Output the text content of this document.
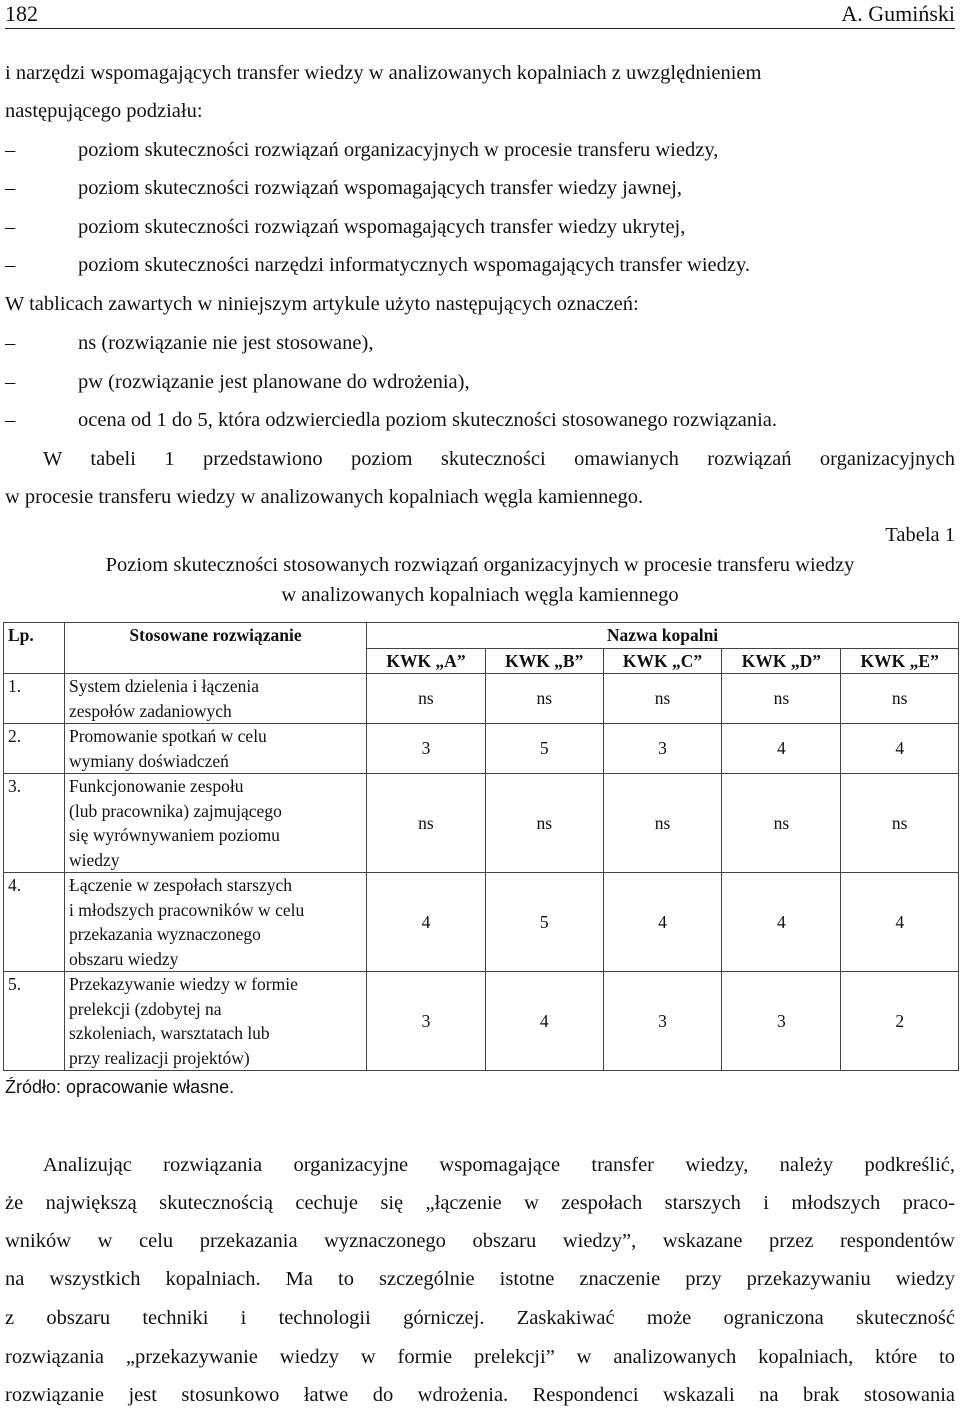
182	A. Gumiński
i narzędzi wspomagających transfer wiedzy w analizowanych kopalniach z uwzględnieniem
następującego podziału:
–	poziom skuteczności rozwiązań organizacyjnych w procesie transferu wiedzy,
–	poziom skuteczności rozwiązań wspomagających transfer wiedzy jawnej,
–	poziom skuteczności rozwiązań wspomagających transfer wiedzy ukrytej,
–	poziom skuteczności narzędzi informatycznych wspomagających transfer wiedzy.
W tablicach zawartych w niniejszym artykule użyto następujących oznaczeń:
–	ns (rozwiązanie nie jest stosowane),
–	pw (rozwiązanie jest planowane do wdrożenia),
–	ocena od 1 do 5, która odzwierciedla poziom skuteczności stosowanego rozwiązania.
W tabeli 1 przedstawiono poziom skuteczności omawianych rozwiązań organizacyjnych
w procesie transferu wiedzy w analizowanych kopalniach węgla kamiennego.
Tabela 1
Poziom skuteczności stosowanych rozwiązań organizacyjnych w procesie transferu wiedzy
w analizowanych kopalniach węgla kamiennego
Lp.	Stosowane rozwiązanie	Nazwa kopalni				
		KWK „A”	KWK „B”	KWK „C”	KWK „D”	KWK „E”
1.	System dzielenia i łączenia
zespołów zadaniowych	ns	ns	ns	ns	ns
2.	Promowanie spotkań w celu
wymiany doświadczeń	3	5	3	4	4
3.	Funkcjonowanie zespołu
(lub pracownika) zajmującego
się wyrównywaniem poziomu
wiedzy	ns	ns	ns	ns	ns
4.	Łączenie w zespołach starszych
i młodszych pracowników w celu
przekazania wyznaczonego
obszaru wiedzy	4	5	4	4	4
5.	Przekazywanie wiedzy w formie
prelekcji (zdobytej na
szkoleniach, warsztatach lub
przy realizacji projektów)	3	4	3	3	2
Źródło: opracowanie własne.
Analizując rozwiązania organizacyjne wspomagające transfer wiedzy, należy podkreślić,
że największą skutecznością cechuje się „łączenie w zespołach starszych i młodszych praco-
wników w celu przekazania wyznaczonego obszaru wiedzy”, wskazane przez respondentów
na wszystkich kopalniach. Ma to szczególnie istotne znaczenie przy przekazywaniu wiedzy
z obszaru techniki i technologii górniczej. Zaskakiwać może ograniczona skuteczność
rozwiązania „przekazywanie wiedzy w formie prelekcji” w analizowanych kopalniach, które to
rozwiązanie jest stosunkowo łatwe do wdrożenia. Respondenci wskazali na brak stosowania
